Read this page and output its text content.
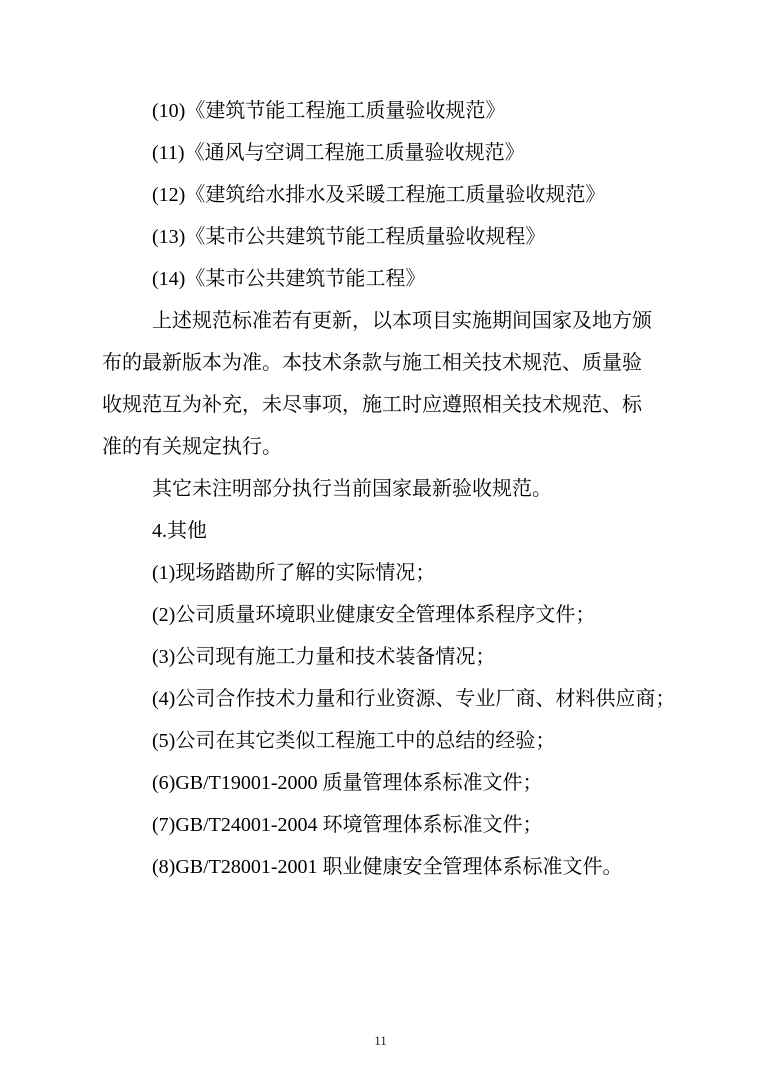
(10)《建筑节能工程施工质量验收规范》
(11)《通风与空调工程施工质量验收规范》
(12)《建筑给水排水及采暖工程施工质量验收规范》
(13)《某市公共建筑节能工程质量验收规程》
(14)《某市公共建筑节能工程》
上述规范标准若有更新，以本项目实施期间国家及地方颁
布的最新版本为准。本技术条款与施工相关技术规范、质量验
收规范互为补充，未尽事项，施工时应遵照相关技术规范、标
准的有关规定执行。
其它未注明部分执行当前国家最新验收规范。
4.其他
(1)现场踏勘所了解的实际情况；
(2)公司质量环境职业健康安全管理体系程序文件；
(3)公司现有施工力量和技术装备情况；
(4)公司合作技术力量和行业资源、专业厂商、材料供应商；
(5)公司在其它类似工程施工中的总结的经验；
(6)GB/T19001-2000 质量管理体系标准文件；
(7)GB/T24001-2004 环境管理体系标准文件；
(8)GB/T28001-2001 职业健康安全管理体系标准文件。
11
